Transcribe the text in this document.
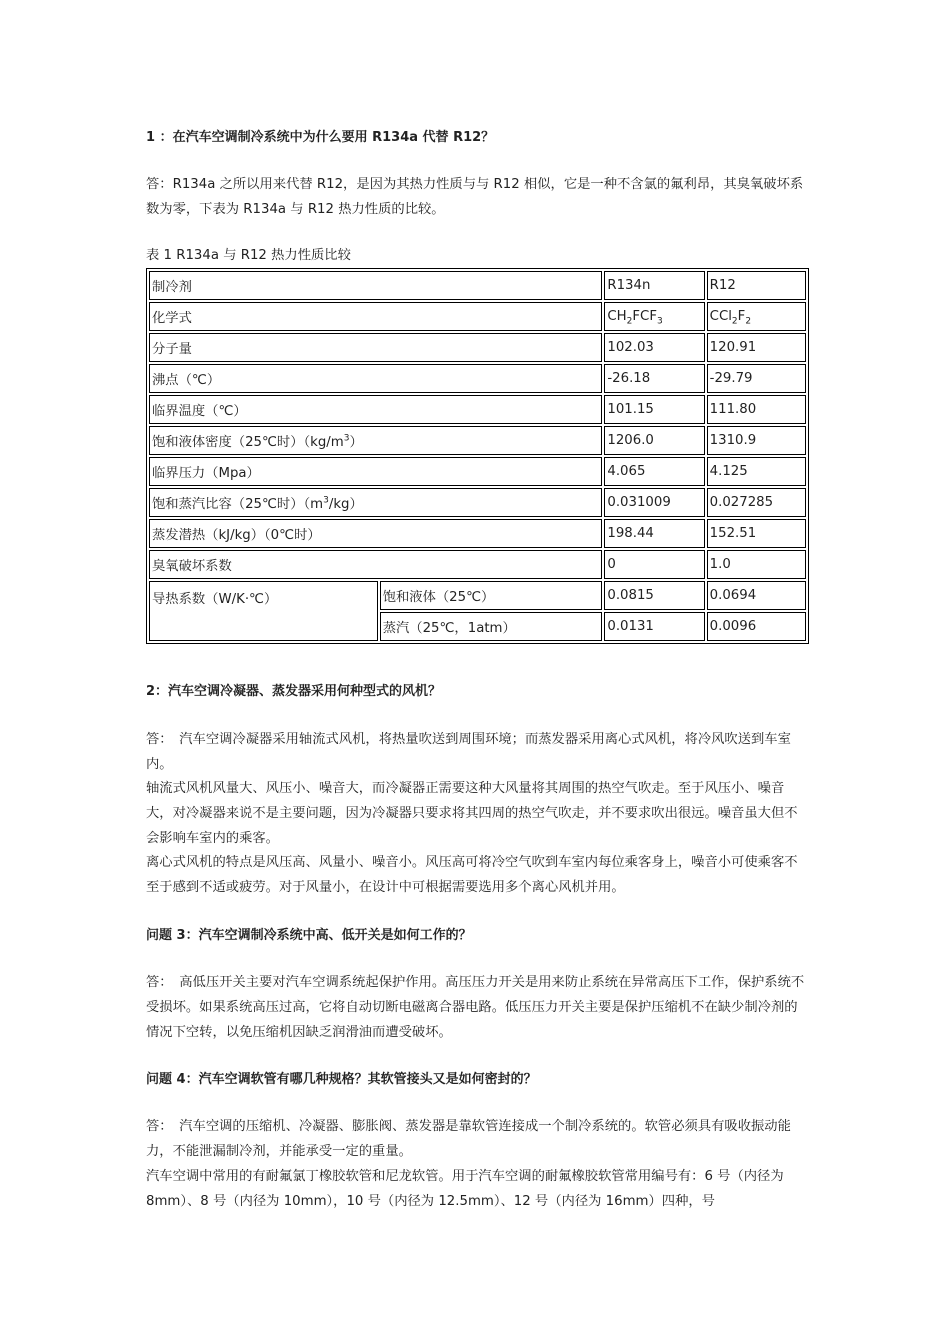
1 ：在汽车空调制冷系统中为什么要用 R134a 代替 R12？
答：R134a 之所以用来代替 R12，是因为其热力性质与与 R12 相似，它是一种不含氯的氟利昂，其臭氧破坏系数为零，下表为 R134a 与 R12 热力性质的比较。
表 1 R134a 与 R12 热力性质比较
制冷剂		R134n	R12
化学式		$CH_2FCF_3$	$CCl_2F_2$
分子量		102.03	120.91
沸点（℃）		-26.18	-29.79
临界温度（℃）		101.15	111.80
饱和液体密度（25℃时）$(kg/m^3)$		1206.0	1310.9
临界压力（Mpa）		4.065	4.125
饱和蒸汽比容（25℃时）$(m^3/kg)$		0.031009	0.027285
蒸发潜热（kJ/kg）（0℃时）		198.44	152.51
臭氧破坏系数		0	1.0
导热系数（W/K·℃）	饱和液体（25℃）	0.0815	0.0694
	蒸汽（25℃，1atm）	0.0131	0.0096
2：汽车空调冷凝器、蒸发器采用何种型式的风机？
答：　汽车空调冷凝器采用轴流式风机，将热量吹送到周围环境；而蒸发器采用离心式风机，将冷风吹送到车室内。
轴流式风机风量大、风压小、噪音大，而冷凝器正需要这种大风量将其周围的热空气吹走。至于风压小、噪音大，对冷凝器来说不是主要问题，因为冷凝器只要求将其四周的热空气吹走，并不要求吹出很远。噪音虽大但不会影响车室内的乘客。
离心式风机的特点是风压高、风量小、噪音小。风压高可将冷空气吹到车室内每位乘客身上，噪音小可使乘客不至于感到不适或疲劳。对于风量小，在设计中可根据需要选用多个离心风机并用。
问题 3：汽车空调制冷系统中高、低开关是如何工作的？
答：　高低压开关主要对汽车空调系统起保护作用。高压压力开关是用来防止系统在异常高压下工作，保护系统不受损坏。如果系统高压过高，它将自动切断电磁离合器电路。低压压力开关主要是保护压缩机不在缺少制冷剂的情况下空转，以免压缩机因缺乏润滑油而遭受破坏。
问题 4：汽车空调软管有哪几种规格？其软管接头又是如何密封的？
答：　汽车空调的压缩机、冷凝器、膨胀阀、蒸发器是靠软管连接成一个制冷系统的。软管必须具有吸收振动能力，不能泄漏制冷剂，并能承受一定的重量。
汽车空调中常用的有耐氟氯丁橡胶软管和尼龙软管。用于汽车空调的耐氟橡胶软管常用编号有：6 号（内径为 8mm）、8 号（内径为 10mm），10 号（内径为 12.5mm）、12 号（内径为 16mm）四种，号
